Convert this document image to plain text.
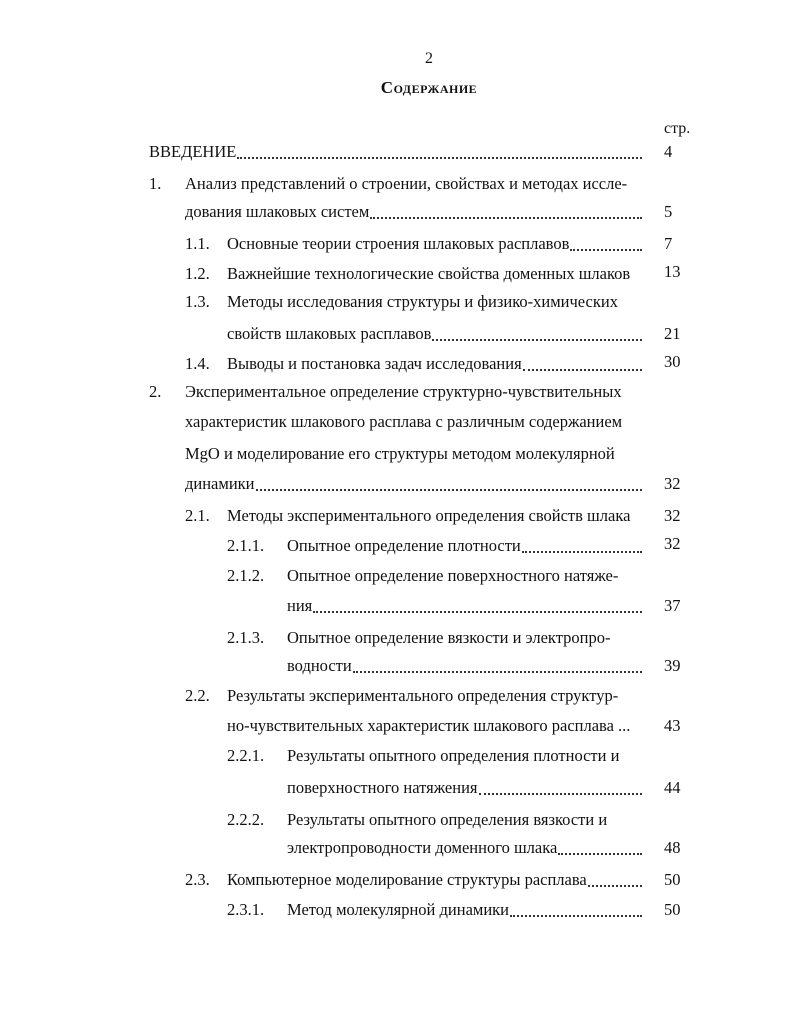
2
Содержание
стр.
ВВЕДЕНИЕ	4
1. Анализ представлений о строении, свойствах и методах иссле-
дования шлаковых систем	5
1.1. Основные теории строения шлаковых расплавов	7
1.2. Важнейшие технологические свойства доменных шлаков 13
1.3. Методы исследования структуры и физико-химических
свойств шлаковых расплавов	21
1.4. Выводы и постановка задач исследования	30
2. Экспериментальное определение структурно-чувствительных
характеристик шлакового расплава с различным содержанием
MgO и моделирование его структуры методом молекулярной
динамики	32
2.1. Методы экспериментального определения свойств шлака 32
2.1.1. Опытное определение плотности	32
2.1.2. Опытное определение поверхностного натяже-
ния	37
2.1.3. Опытное определение вязкости и электропро-
водности	39
2.2. Результаты экспериментального определения структур-
но-чувствительных характеристик шлакового расплава ... 43
2.2.1. Результаты опытного определения плотности и
поверхностного натяжения	44
2.2.2. Результаты опытного определения вязкости и
электропроводности доменного шлака	48
2.3. Компьютерное моделирование структуры расплава	50
2.3.1. Метод молекулярной динамики	50
